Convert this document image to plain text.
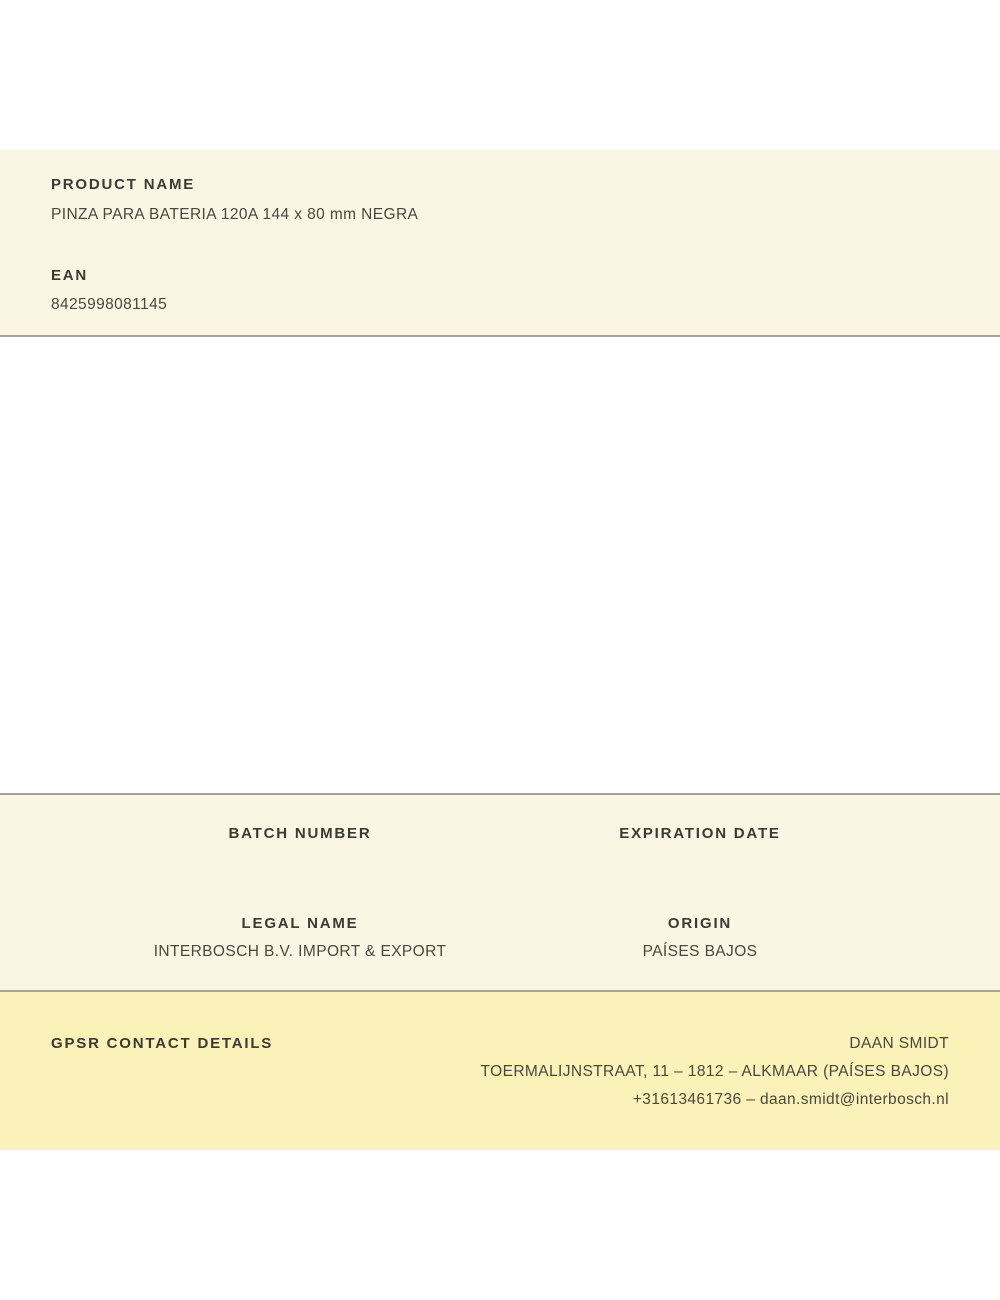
PRODUCT NAME
PINZA PARA BATERIA 120A 144 x 80 mm NEGRA
EAN
8425998081145
BATCH NUMBER	EXPIRATION DATE
LEGAL NAME
INTERBOSCH B.V. IMPORT & EXPORT
ORIGIN
PAÍSES BAJOS
GPSR CONTACT DETAILS	DAAN SMIDT
TOERMALIJNSTRAAT, 11 – 1812 – ALKMAAR (PAÍSES BAJOS)
+31613461736 – daan.smidt@interbosch.nl
